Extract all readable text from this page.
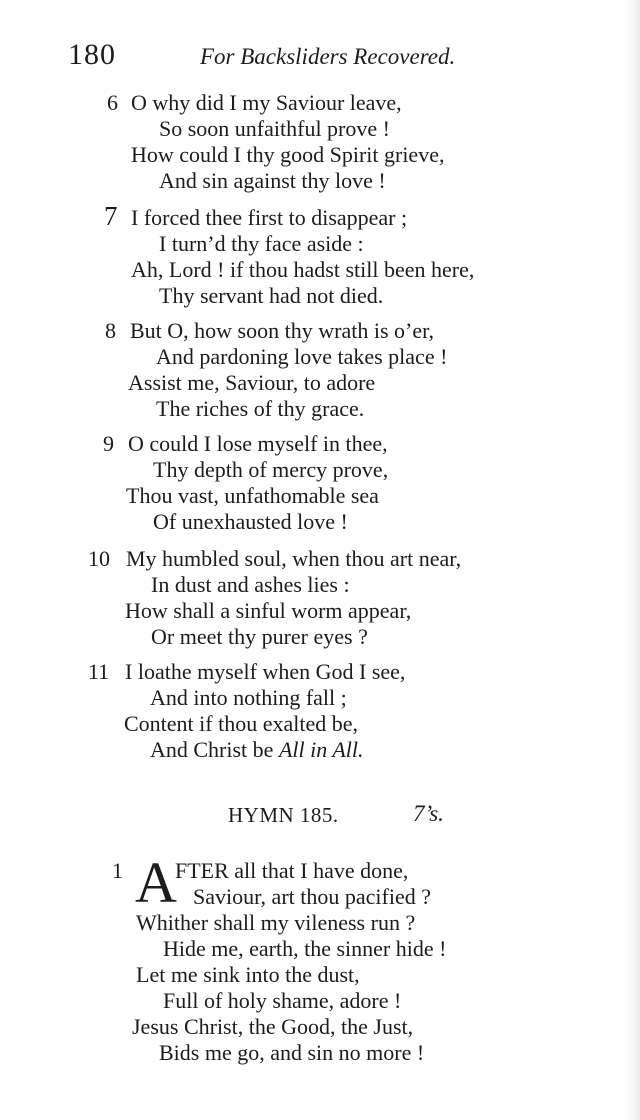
180	For Backsliders Recovered.
6 O why did I my Saviour leave,
So soon unfaithful prove !
How could I thy good Spirit grieve,
And sin against thy love !
7 I forced thee first to disappear ;
I turn’d thy face aside :
Ah, Lord ! if thou hadst still been here,
Thy servant had not died.
8 But O, how soon thy wrath is o’er,
And pardoning love takes place !
Assist me, Saviour, to adore
The riches of thy grace.
9 O could I lose myself in thee,
Thy depth of mercy prove,
Thou vast, unfathomable sea
Of unexhausted love !
10 My humbled soul, when thou art near,
In dust and ashes lies :
How shall a sinful worm appear,
Or meet thy purer eyes ?
11 I loathe myself when God I see,
And into nothing fall ;
Content if thou exalted be,
And Christ be All in All.
HYMN 185.	7’s.
1 FTER all that I have done,
Saviour, art thou pacified ?
Whither shall my vileness run ?
Hide me, earth, the sinner hide !
Let me sink into the dust,
Full of holy shame, adore !
Jesus Christ, the Good, the Just,
Bids me go, and sin no more !
A
